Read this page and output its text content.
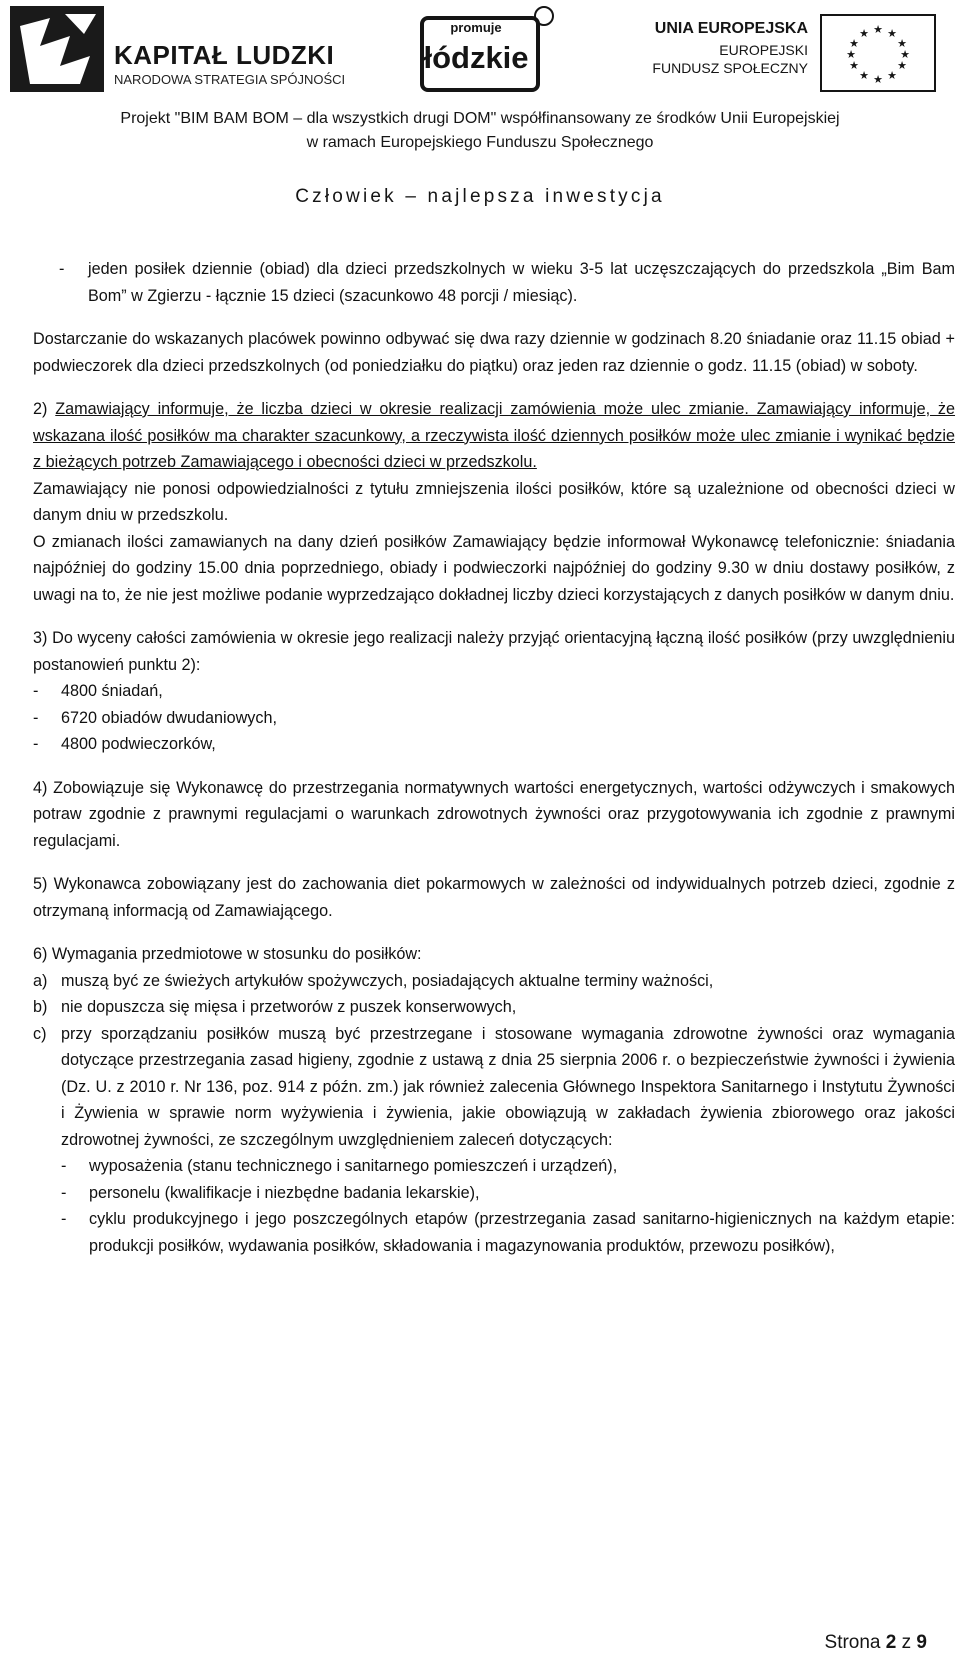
KAPITAŁ LUDZKI
NARODOWA STRATEGIA SPÓJNOŚCI
promuje
łódzkie
UNIA EUROPEJSKA
EUROPEJSKI
FUNDUSZ SPOŁECZNY
★ ★
★
★
★
★
★
★
★
★
★
★
Projekt "BIM BAM BOM – dla wszystkich drugi DOM" współfinansowany ze środków Unii Europejskiej
w ramach Europejskiego Funduszu Społecznego
Człowiek – najlepsza inwestycja
- jeden posiłek dziennie (obiad) dla dzieci przedszkolnych w wieku 3-5 lat uczęszczających do przedszkola „Bim Bam Bom” w Zgierzu - łącznie 15 dzieci (szacunkowo 48 porcji / miesiąc).

Dostarczanie do wskazanych placówek powinno odbywać się dwa razy dziennie w godzinach 8.20 śniadanie oraz 11.15 obiad + podwieczorek dla dzieci przedszkolnych (od poniedziałku do piątku) oraz jeden raz dziennie o godz. 11.15 (obiad) w soboty.

2) Zamawiający informuje, że liczba dzieci w okresie realizacji zamówienia może ulec zmianie. Zamawiający informuje, że wskazana ilość posiłków ma charakter szacunkowy, a rzeczywista ilość dziennych posiłków może ulec zmianie i wynikać będzie z bieżących potrzeb Zamawiającego i obecności dzieci w przedszkolu.

Zamawiający nie ponosi odpowiedzialności z tytułu zmniejszenia ilości posiłków, które są uzależnione od obecności dzieci w danym dniu w przedszkolu.

O zmianach ilości zamawianych na dany dzień posiłków Zamawiający będzie informował Wykonawcę telefonicznie: śniadania najpóźniej do godziny 15.00 dnia poprzedniego, obiady i podwieczorki najpóźniej do godziny 9.30 w dniu dostawy posiłków, z uwagi na to, że nie jest możliwe podanie wyprzedzająco dokładnej liczby dzieci korzystających z danych posiłków w danym dniu.

3) Do wyceny całości zamówienia w okresie jego realizacji należy przyjąć orientacyjną łączną ilość posiłków (przy uwzględnieniu postanowień punktu 2):

- 4800 śniadań,

- 6720 obiadów dwudaniowych,

- 4800 podwieczorków,

4) Zobowiązuje się Wykonawcę do przestrzegania normatywnych wartości energetycznych, wartości odżywczych i smakowych potraw zgodnie z prawnymi regulacjami o warunkach zdrowotnych żywności oraz przygotowywania ich zgodnie z prawnymi regulacjami.

5) Wykonawca zobowiązany jest do zachowania diet pokarmowych w zależności od indywidualnych potrzeb dzieci, zgodnie z otrzymaną informacją od Zamawiającego.

6) Wymagania przedmiotowe w stosunku do posiłków:

a) muszą być ze świeżych artykułów spożywczych, posiadających aktualne terminy ważności,

b) nie dopuszcza się mięsa i przetworów z puszek konserwowych,

c) przy sporządzaniu posiłków muszą być przestrzegane i stosowane wymagania zdrowotne żywności oraz wymagania dotyczące przestrzegania zasad higieny, zgodnie z ustawą z dnia 25 sierpnia 2006 r. o bezpieczeństwie żywności i żywienia (Dz. U. z 2010 r. Nr 136, poz. 914 z późn. zm.) jak również zalecenia Głównego Inspektora Sanitarnego i Instytutu Żywności i Żywienia w sprawie norm wyżywienia i żywienia, jakie obowiązują w zakładach żywienia zbiorowego oraz jakości zdrowotnej żywności, ze szczególnym uwzględnieniem zaleceń dotyczących:

- wyposażenia (stanu technicznego i sanitarnego pomieszczeń i urządzeń),

- personelu (kwalifikacje i niezbędne badania lekarskie),

- cyklu produkcyjnego i jego poszczególnych etapów (przestrzegania zasad sanitarno-higienicznych na każdym etapie: produkcji posiłków, wydawania posiłków, składowania i magazynowania produktów, przewozu posiłków),

Strona 2 z 9
